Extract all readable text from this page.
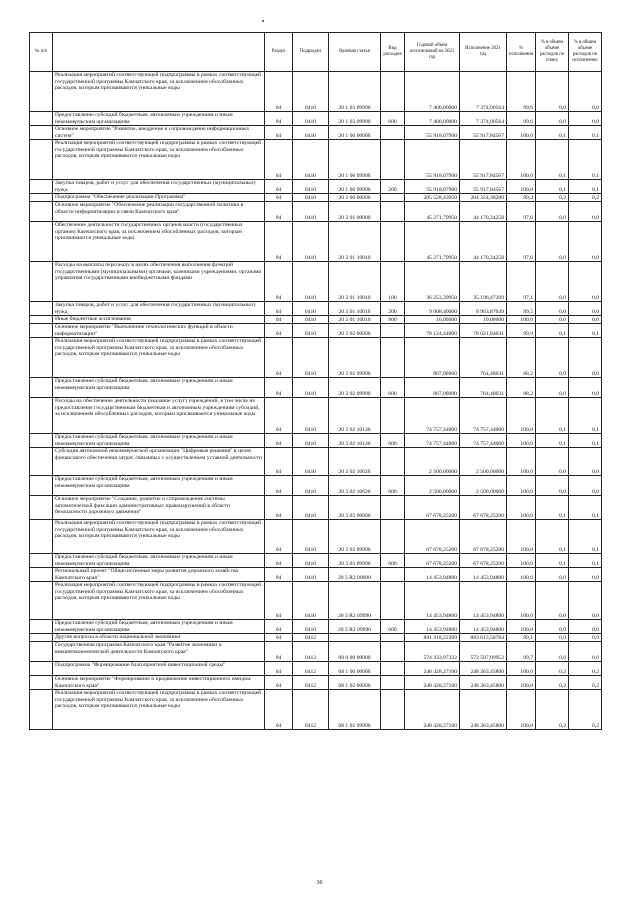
№ п/п		Раздел	Подраздел	Целевая статья	Вид расходов	Годовой объем ассигнований на 2021 год	Исполнение 2021 год	% исполнения	% в общем объеме расходов по плану	% в общем объеме расходов по исполнению
	Реализация мероприятий соответствующей подпрограммы в рамках соответствующей государственной программы Камчатского края, за исключением обособленных расходов, которым присваиваются уникальные коды	04	0410	20 1 03 09990		7 400,00000	7 374,00564	99,6	0,0	0,0
	Предоставление субсидий бюджетным, автономным учреждениям и иным некоммерческим организациям	04	0410	20 1 03 09990	600	7 400,00000	7 374,00564	99,6	0,0	0,0
	Основное мероприятие "Развитие, внедрение и сопровождение информационных систем"	04	0410	20 1 06 00000		55 918,07900	55 917,84567	100,0	0,1	0,1
	Реализация мероприятий соответствующей подпрограммы в рамках соответствующей государственной программы Камчатского края, за исключением обособленных расходов, которым присваиваются уникальные коды	04	0410	20 1 06 09990		55 918,07900	55 917,84567	100,0	0,1	0,1
	Закупка товаров, работ и услуг для обеспечения государственных (муниципальных) нужд	04	0410	20 1 06 09990	200	55 918,07900	55 917,84567	100,0	0,1	0,1
	Подпрограмма "Обеспечение реализации Программы"	04	0410	20 3 00 00000		205 528,43950	204 324,38289	99,4	0,2	0,2
	Основное мероприятие "Обеспечение реализации государственной политики в области информатизации и связи Камчатского края"	04	0410	20 3 01 00000		45 271,79950	44 170,34258	97,6	0,0	0,0
	Обеспечение деятельности государственных органов власти (государственных органов) Камчатского края, за исключением обособленных расходов, которым присваиваются уникальные коды	04	0410	20 3 01 10010		45 271,79950	44 170,34258	97,6	0,0	0,0
	Расходы на выплаты персоналу в целях обеспечения выполнения функций государственными (муниципальными) органами, казенными учреждениями, органами управления государственными внебюджетными фондами	04	0410	20 3 01 10010	100	36 253,39950	35 196,47209	97,1	0,0	0,0
	Закупка товаров, работ и услуг для обеспечения государственных (муниципальных) нужд	04	0410	20 3 01 10010	200	9 008,40000	8 963,87049	99,5	0,0	0,0
	Иные бюджетные ассигнования	04	0410	20 3 01 10010	800	10,00000	10,00000	100,0	0,0	0,0
	Основное мероприятие "Выполнение технологических функций в области информатизации"	04	0410	20 3 02 00000		78 124,44000	78 021,84031	99,9	0,1	0,1
	Реализация мероприятий соответствующей подпрограммы в рамках соответствующей государственной программы Камчатского края, за исключением обособленных расходов, которым присваиваются уникальные коды	04	0410	20 3 02 09990		867,00000	764,40031	88,2	0,0	0,0
	Предоставление субсидий бюджетным, автономным учреждениям и иным некоммерческим организациям	04	0410	20 3 02 09990	600	867,00000	764,40031	88,2	0,0	0,0
	Расходы на обеспечение деятельности (оказание услуг) учреждений, в том числе на предоставление государственным бюджетным и автономным учреждениям субсидий, за исключением обособленных расходов, которым присваиваются уникальные коды	04	0410	20 3 02 10140		74 757,44000	74 757,44000	100,0	0,1	0,1
	Предоставление субсидий бюджетным, автономным учреждениям и иным некоммерческим организациям	04	0410	20 3 02 10140	600	74 757,44000	74 757,44000	100,0	0,1	0,1
	Субсидия автономной некоммерческой организации "Цифровые решения" в целях финансового обеспечения затрат, связанных с осуществлением уставной деятельности	04	0410	20 3 02 10620		2 500,00000	2 500,00000	100,0	0,0	0,0
	Предоставление субсидий бюджетным, автономным учреждениям и иным некоммерческим организациям	04	0410	20 3 02 10620	600	2 500,00000	2 500,00000	100,0	0,0	0,0
	Основное мероприятие "Создание, развитие и сопровождение системы автоматической фиксации административных правонарушений в области безопасности дорожного движения"	04	0410	20 3 03 00000		67 678,25200	67 678,25200	100,0	0,1	0,1
	Реализация мероприятий соответствующей подпрограммы в рамках соответствующей государственной программы Камчатского края, за исключением обособленных расходов, которым присваиваются уникальные коды	04	0410	20 3 03 09990		67 678,25200	67 678,25200	100,0	0,1	0,1
	Предоставление субсидий бюджетным, автономным учреждениям и иным некоммерческим организациям	04	0410	20 3 03 09990	600	67 678,25200	67 678,25200	100,0	0,1	0,1
	Региональный проект "Общесистемные меры развития дорожного хозяйства Камчатского края"	04	0410	20 3 R2 00000		14 453,94800	14 453,94800	100,0	0,0	0,0
	Реализация мероприятий соответствующей подпрограммы в рамках соответствующей государственной программы Камчатского края, за исключением обособленных расходов, которым присваиваются уникальные коды	04	0410	20 3 R2 09990		14 453,94800	14 453,94800	100,0	0,0	0,0
	Предоставление субсидий бюджетным, автономным учреждениям и иным некоммерческим организациям	04	0410	20 3 R2 09990	600	14 453,94800	14 453,94800	100,0	0,0	0,0
	Другие вопросы в области национальной экономики	04	0412			891 318,22309	883 613,58784	99,1	0,9	0,9
	Государственная программа Камчатского края "Развитие экономики и внешнеэкономической деятельности Камчатского края"	04	0412	08 0 00 00000		574 333,97322	572 507,09952	99,7	0,6	0,6
	Подпрограмма "Формирование благоприятной инвестиционной среды"	04	0412	08 1 00 00000		248 428,27100	248 363,45800	100,0	0,2	0,2
	Основное мероприятие "Формирование и продвижение инвестиционного имиджа Камчатского края"	04	0412	08 1 02 00000		248 428,27100	248 363,45800	100,0	0,2	0,2
	Реализация мероприятий соответствующей подпрограммы в рамках соответствующей государственной программы Камчатского края, за исключением обособленных расходов, которым присваиваются уникальные коды	04	0412	08 1 02 09990		248 428,27100	248 363,45800	100,0	0,2	0,2
36
